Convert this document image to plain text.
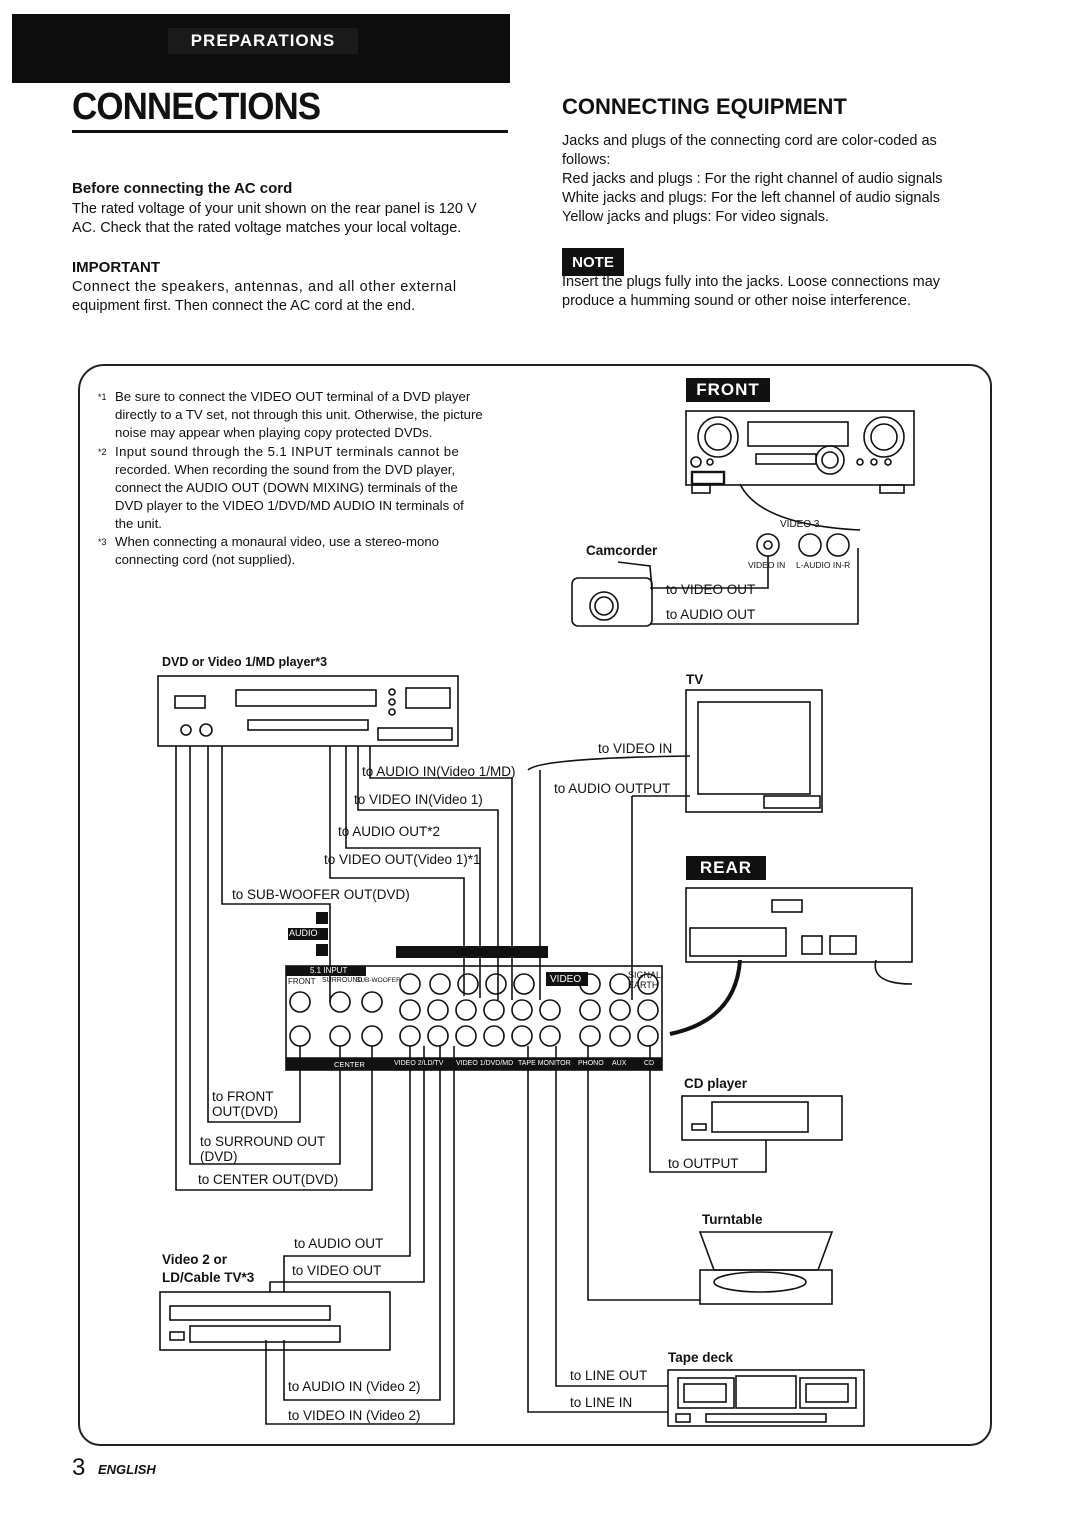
PREPARATIONS
CONNECTIONS
Before connecting the AC cord
The rated voltage of your unit shown on the rear panel is 120 V
AC. Check that the rated voltage matches your local voltage.
IMPORTANT
Connect the speakers, antennas, and all other external
equipment first. Then connect the AC cord at the end.
CONNECTING EQUIPMENT
Jacks and plugs of the connecting cord are color-coded as
follows:
Red jacks and plugs : For the right channel of audio signals
White jacks and plugs: For the left channel of audio signals
Yellow jacks and plugs: For video signals.
NOTE
Insert the plugs fully into the jacks. Loose connections may
produce a humming sound or other noise interference.
$^{*1}$ Be sure to connect the VIDEO OUT terminal of a DVD player
directly to a TV set, not through this unit. Otherwise, the picture
noise may appear when playing copy protected DVDs.
$^{*2}$ Input sound through the 5.1 INPUT terminals cannot be
recorded. When recording the sound from the DVD player,
connect the AUDIO OUT (DOWN MIXING) terminals of the
DVD player to the VIDEO 1/DVD/MD AUDIO IN terminals of
the unit.
$^{*3}$ When connecting a monaural video, use a stereo-mono
connecting cord (not supplied).
FRONT
REAR
VIDEO 3
VIDEO IN L-AUDIO IN-R
Camcorder
to VIDEO OUT
to AUDIO OUT
DVD or Video 1/MD player*3
TV
to VIDEO IN
to AUDIO OUTPUT
to AUDIO IN(Video 1/MD)
to VIDEO IN(Video 1)
to AUDIO OUT*2
to VIDEO OUT(Video 1)*1
to SUB-WOOFER OUT(DVD)
L
AUDIO
R
5.1 INPUT
FRONT SURROUND
SUB-WOOFER
CENTER
VIDEO	SIGNAL EARTH
VIDEO 2/LD/TV VIDEO 1/DVD/MD TAPE MONITOR PHONO AUX	CD
to FRONT
OUT(DVD)
to SURROUND OUT
(DVD)
to CENTER OUT(DVD)
CD player
to OUTPUT
Turntable
Video 2 or
LD/Cable TV*3
to AUDIO OUT
to VIDEO OUT
to AUDIO IN (Video 2)
to VIDEO IN (Video 2)
Tape deck
to LINE OUT
to LINE IN
3 ENGLISH
